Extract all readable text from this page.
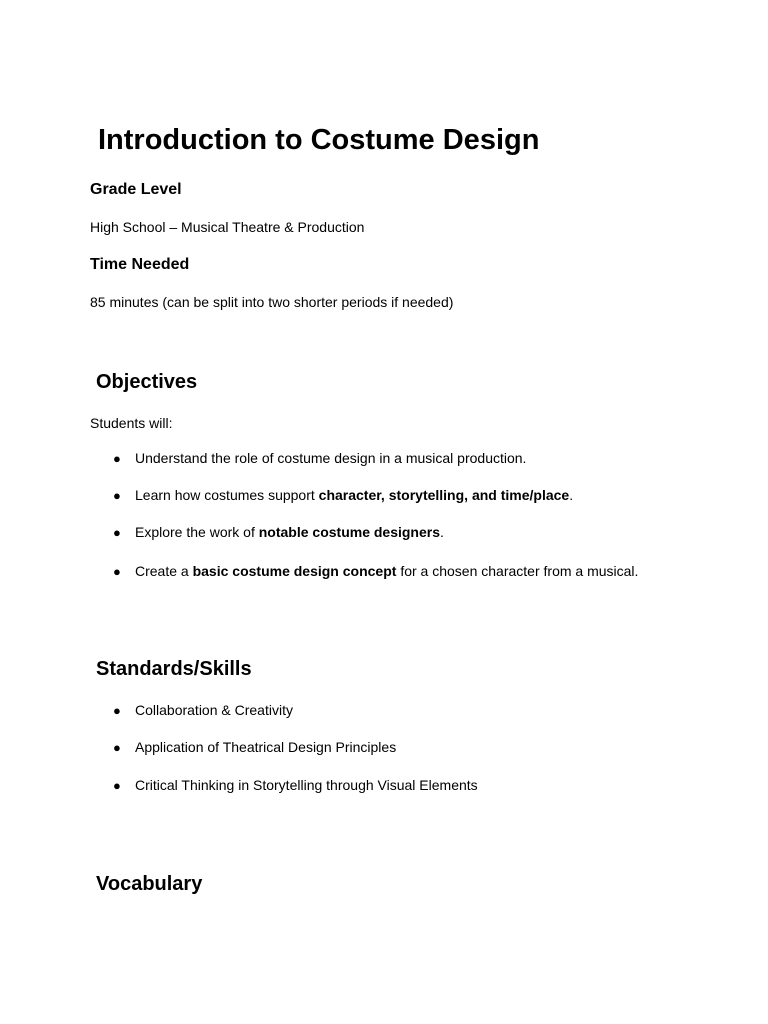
Introduction to Costume Design
Grade Level
High School – Musical Theatre & Production
Time Needed
85 minutes (can be split into two shorter periods if needed)
Objectives
Students will:
● Understand the role of costume design in a musical production.
● Learn how costumes support character, storytelling, and time/place.
● Explore the work of notable costume designers.
● Create a basic costume design concept for a chosen character from a musical.
Standards/Skills
● Collaboration & Creativity
● Application of Theatrical Design Principles
● Critical Thinking in Storytelling through Visual Elements
Vocabulary
